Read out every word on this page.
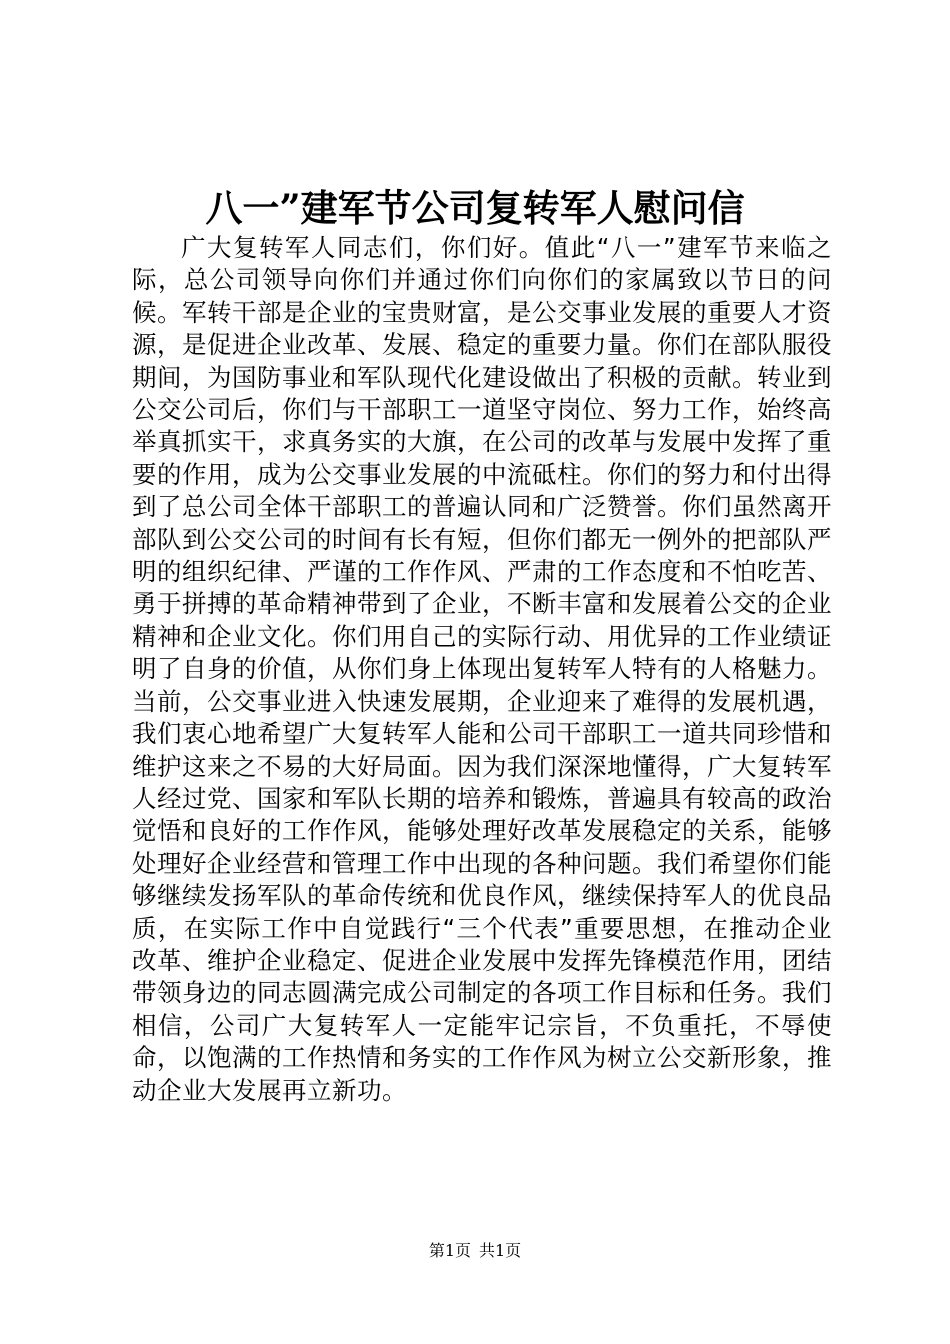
八一”建军节公司复转军人慰问信

广大复转军人同志们，你们好。值此“八一”建军节来临之际，总公司领导向你们并通过你们向你们的家属致以节日的问候。军转干部是企业的宝贵财富，是公交事业发展的重要人才资源，是促进企业改革、发展、稳定的重要力量。你们在部队服役期间，为国防事业和军队现代化建设做出了积极的贡献。转业到公交公司后，你们与干部职工一道坚守岗位、努力工作，始终高举真抓实干，求真务实的大旗，在公司的改革与发展中发挥了重要的作用，成为公交事业发展的中流砥柱。你们的努力和付出得到了总公司全体干部职工的普遍认同和广泛赞誉。你们虽然离开部队到公交公司的时间有长有短，但你们都无一例外的把部队严明的组织纪律、严谨的工作作风、严肃的工作态度和不怕吃苦、勇于拼搏的革命精神带到了企业，不断丰富和发展着公交的企业精神和企业文化。你们用自己的实际行动、用优异的工作业绩证明了自身的价值，从你们身上体现出复转军人特有的人格魅力。当前，公交事业进入快速发展期，企业迎来了难得的发展机遇，我们衷心地希望广大复转军人能和公司干部职工一道共同珍惜和维护这来之不易的大好局面。因为我们深深地懂得，广大复转军人经过党、国家和军队长期的培养和锻炼，普遍具有较高的政治觉悟和良好的工作作风，能够处理好改革发展稳定的关系，能够处理好企业经营和管理工作中出现的各种问题。我们希望你们能够继续发扬军队的革命传统和优良作风，继续保持军人的优良品质，在实际工作中自觉践行“三个代表”重要思想，在推动企业改革、维护企业稳定、促进企业发展中发挥先锋模范作用，团结带领身边的同志圆满完成公司制定的各项工作目标和任务。我们相信，公司广大复转军人一定能牢记宗旨，不负重托，不辱使命，以饱满的工作热情和务实的工作作风为树立公交新形象，推动企业大发展再立新功。

第1页 共1页
